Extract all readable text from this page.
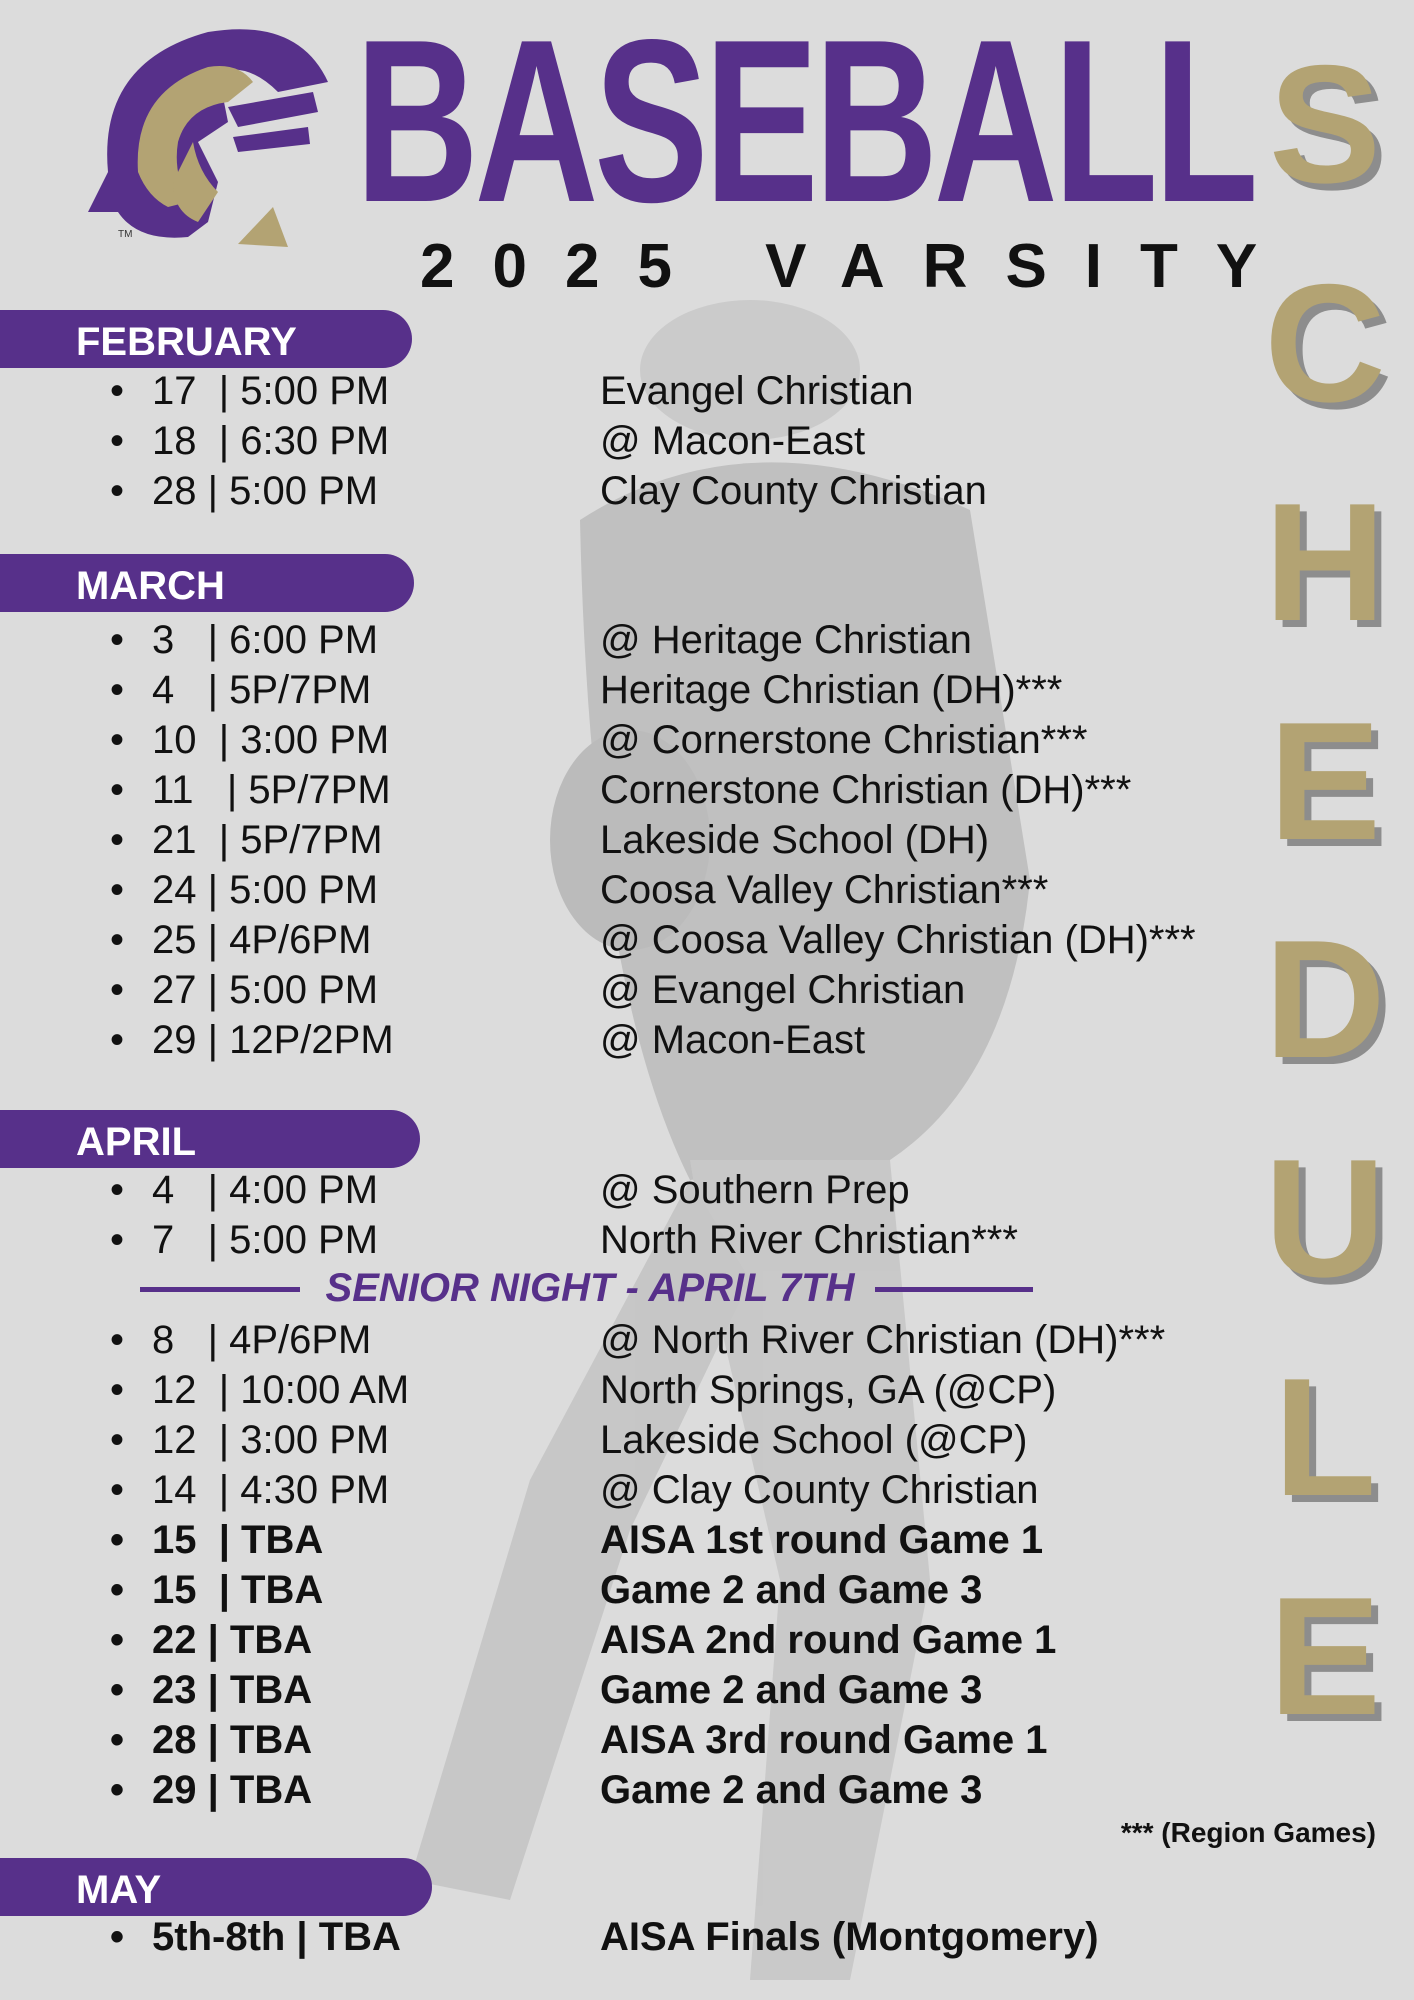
TM BASEBALL
2025 VARSITY
S
C
H
E
D
U
L
E
FEBRUARY
• 17  | 5:00 PM	Evangel Christian
• 18  | 6:30 PM	@ Macon-East
• 28 | 5:00 PM	Clay County Christian
MARCH
• 3   | 6:00 PM	@ Heritage Christian
• 4   | 5P/7PM	Heritage Christian (DH)***
• 10  | 3:00 PM	@ Cornerstone Christian***
• 11   | 5P/7PM	Cornerstone Christian (DH)***
• 21  | 5P/7PM	Lakeside School (DH)
• 24 | 5:00 PM	Coosa Valley Christian***
• 25 | 4P/6PM	@ Coosa Valley Christian (DH)***
• 27 | 5:00 PM	@ Evangel Christian
• 29 | 12P/2PM	@ Macon-East
APRIL
• 4   | 4:00 PM	@ Southern Prep
• 7   | 5:00 PM	North River Christian***
SENIOR NIGHT - APRIL 7TH
• 8   | 4P/6PM	@ North River Christian (DH)***
• 12  | 10:00 AM	North Springs, GA (@CP)
• 12  | 3:00 PM	Lakeside School (@CP)
• 14  | 4:30 PM	@ Clay County Christian
• 15  | TBA	AISA 1st round Game 1
• 15  | TBA	Game 2 and Game 3
• 22 | TBA	AISA 2nd round Game 1
• 23 | TBA	Game 2 and Game 3
• 28 | TBA	AISA 3rd round Game 1
• 29 | TBA	Game 2 and Game 3
MAY
• 5th-8th | TBA	AISA Finals (Montgomery)
*** (Region Games)
